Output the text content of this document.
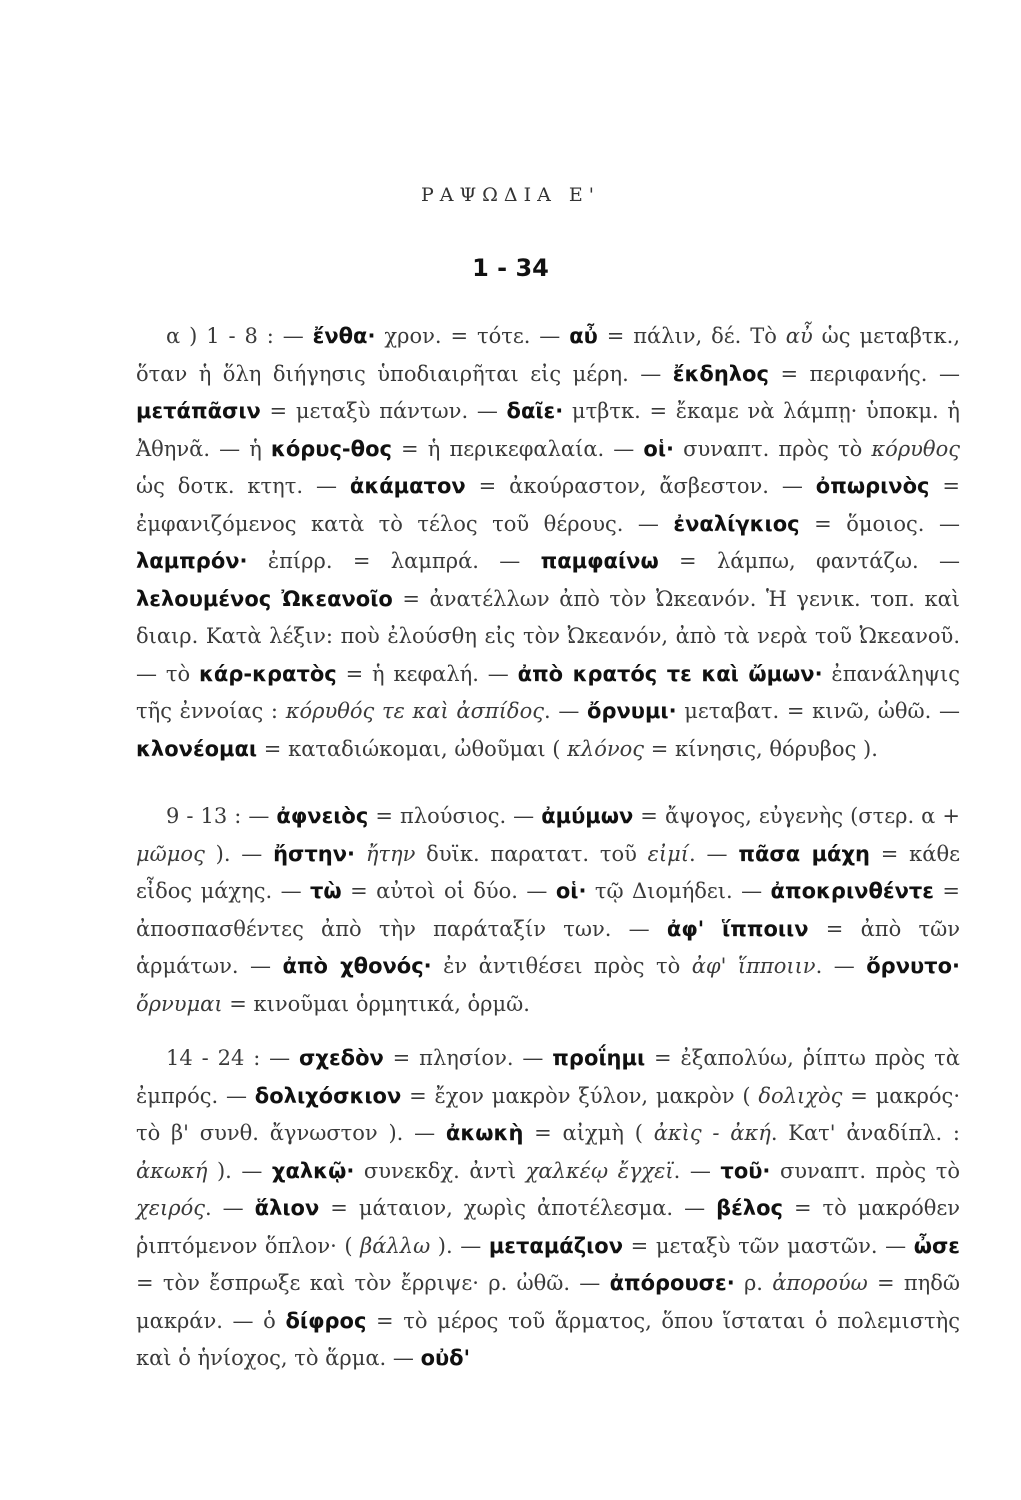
ΡΑΨΩΔΙΑ Ε'
1 - 34

α ) 1 - 8 : — ἔνθα· χρον. = τότε. — αὖ = πάλιν, δέ. Τὸ αὖ ὡς μεταβτκ., ὅταν ἡ ὅλη διήγησις ὑποδιαιρῆται εἰς μέρη. — ἔκδηλος = περιφανής. — μετάπᾶσιν = μεταξὺ πάντων. — δαῖε· μτβτκ. = ἔκαμε νὰ λάμπῃ· ὑποκμ. ἡ Ἀθηνᾶ. — ἡ κόρυς-θος = ἡ περικεφαλαία. — οἱ· συναπτ. πρὸς τὸ κόρυθος ὡς δοτκ. κτητ. — ἀκάματον = ἀκούραστον, ἄσβεστον. — ὀπωρινὸς = ἐμφανιζόμενος κατὰ τὸ τέλος τοῦ θέρους. — ἐναλίγκιος = ὅμοιος. — λαμπρόν· ἐπίρρ. = λαμπρά. — παμφαίνω = λάμπω, φαντάζω. — λελουμένος Ὠκεανοῖο = ἀνατέλλων ἀπὸ τὸν Ὠκεανόν. Ἡ γενικ. τοπ. καὶ διαιρ. Κατὰ λέξιν: ποὺ ἐλούσθη εἰς τὸν Ὠκεανόν, ἀπὸ τὰ νερὰ τοῦ Ὠκεανοῦ. — τὸ κάρ-κρατὸς = ἡ κεφαλή. — ἀπὸ κρατός τε καὶ ὤμων· ἐπανάληψις τῆς ἐννοίας : κόρυθός τε καὶ ἀσπίδος. — ὄρνυμι· μεταβατ. = κινῶ, ὠθῶ. — κλονέομαι = καταδιώκομαι, ὠθοῦμαι ( κλόνος = κίνησις, θόρυβος ).

9 - 13 : — ἀφνειὸς = πλούσιος. — ἀμύμων = ἄψογος, εὐγενὴς (στερ. α + μῶμος ). — ἤστην· ἤτην δυϊκ. παρατατ. τοῦ εἰμί. — πᾶσα μάχη = κάθε εἶδος μάχης. — τὼ = αὐτοὶ οἱ δύο. — οἱ· τῷ Διομήδει. — ἀποκρινθέντε = ἀποσπασθέντες ἀπὸ τὴν παράταξίν των. — ἀφ' ἵπποιιν = ἀπὸ τῶν ἁρμάτων. — ἀπὸ χθονός· ἐν ἀντιθέσει πρὸς τὸ ἀφ' ἵπποιιν. — ὄρνυτο· ὄρνυμαι = κινοῦμαι ὁρμητικά, ὁρμῶ.

14 - 24 : — σχεδὸν = πλησίον. — προΐημι = ἐξαπολύω, ῥίπτω πρὸς τὰ ἐμπρός. — δολιχόσκιον = ἔχον μακρὸν ξύλον, μακρὸν ( δολιχὸς = μακρός· τὸ β' συνθ. ἄγνωστον ). — ἀκωκὴ = αἰχμὴ ( ἀκὶς - ἀκή. Κατ' ἀναδίπλ. : ἀκωκή ). — χαλκῷ· συνεκδχ. ἀντὶ χαλκέῳ ἔγχεϊ. — τοῦ· συναπτ. πρὸς τὸ χειρός. — ἅλιον = μάταιον, χωρὶς ἀποτέλεσμα. — βέλος = τὸ μακρόθεν ῥιπτόμενον ὅπλον· ( βάλλω ). — μεταμάζιον = μεταξὺ τῶν μαστῶν. — ὦσε = τὸν ἔσπρωξε καὶ τὸν ἔρριψε· ρ. ὠθῶ. — ἀπόρουσε· ρ. ἀπορούω = πηδῶ μακράν. — ὁ δίφρος = τὸ μέρος τοῦ ἅρματος, ὅπου ἵσταται ὁ πολεμιστὴς καὶ ὁ ἡνίοχος, τὸ ἅρμα. — οὐδ'
